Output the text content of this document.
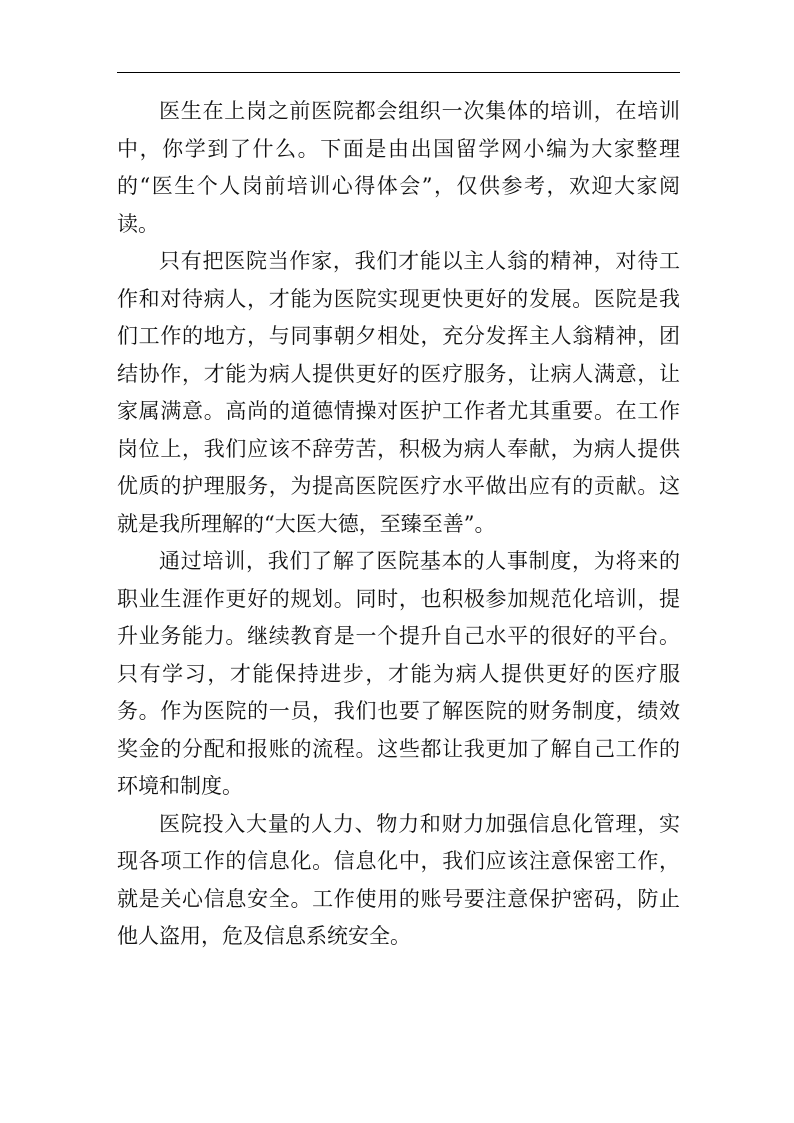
医生在上岗之前医院都会组织一次集体的培训，在培训中，你学到了什么。下面是由出国留学网小编为大家整理的“医生个人岗前培训心得体会”，仅供参考，欢迎大家阅读。

只有把医院当作家，我们才能以主人翁的精神，对待工作和对待病人，才能为医院实现更快更好的发展。医院是我们工作的地方，与同事朝夕相处，充分发挥主人翁精神，团结协作，才能为病人提供更好的医疗服务，让病人满意，让家属满意。高尚的道德情操对医护工作者尤其重要。在工作岗位上，我们应该不辞劳苦，积极为病人奉献，为病人提供优质的护理服务，为提高医院医疗水平做出应有的贡献。这就是我所理解的“大医大德，至臻至善”。

通过培训，我们了解了医院基本的人事制度，为将来的职业生涯作更好的规划。同时，也积极参加规范化培训，提升业务能力。继续教育是一个提升自己水平的很好的平台。只有学习，才能保持进步，才能为病人提供更好的医疗服务。作为医院的一员，我们也要了解医院的财务制度，绩效奖金的分配和报账的流程。这些都让我更加了解自己工作的环境和制度。

医院投入大量的人力、物力和财力加强信息化管理，实现各项工作的信息化。信息化中，我们应该注意保密工作，就是关心信息安全。工作使用的账号要注意保护密码，防止他人盗用，危及信息系统安全。
